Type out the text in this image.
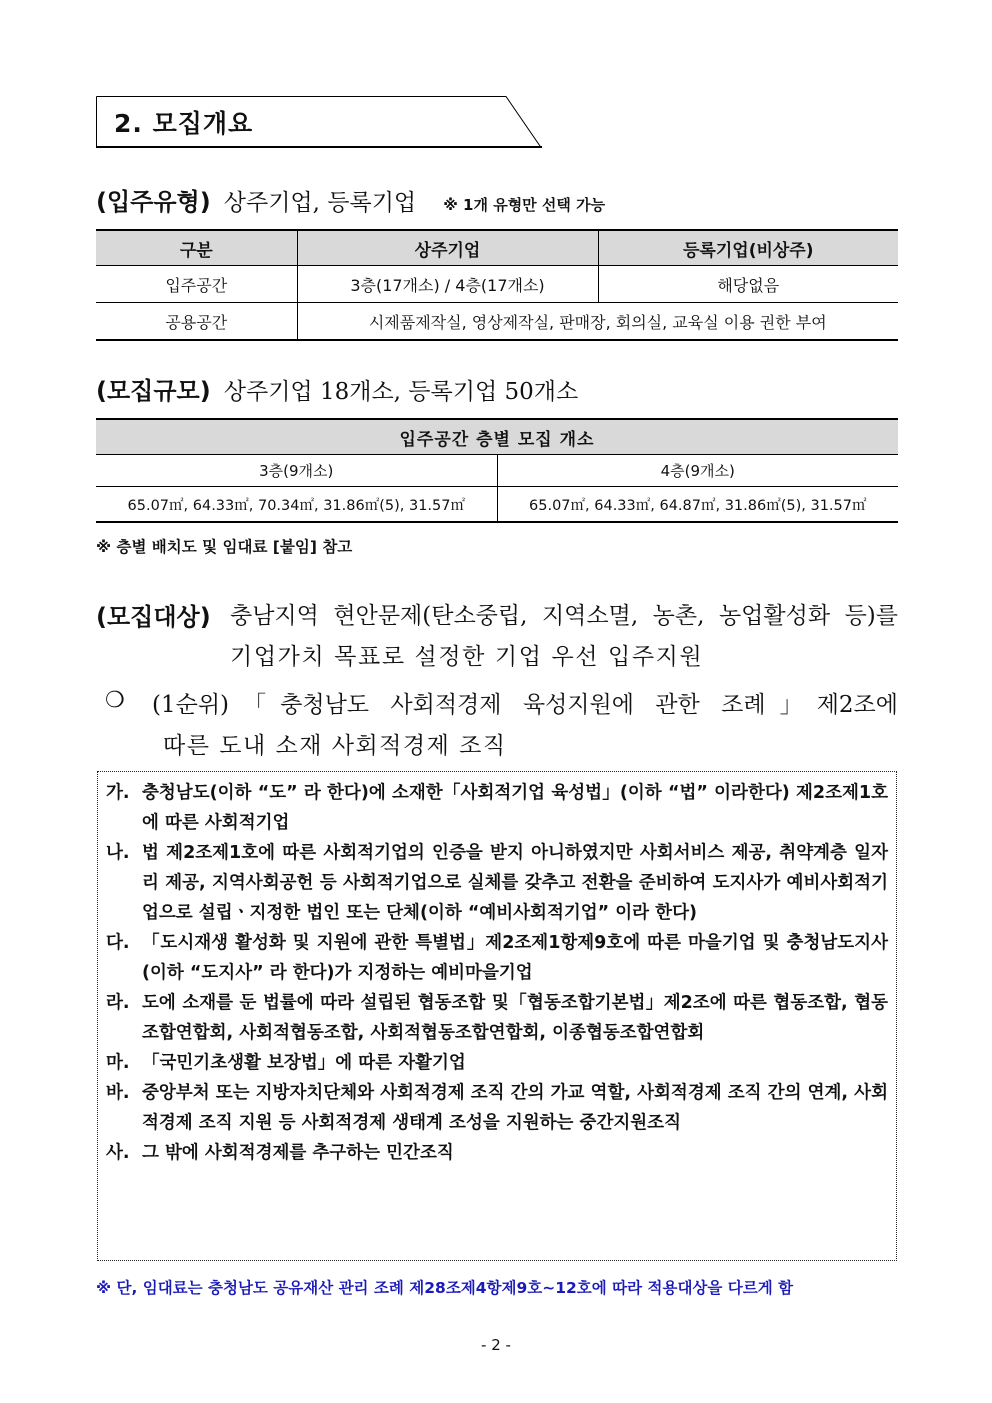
2. 모집개요
(입주유형) 상주기업, 등록기업 ※ 1개 유형만 선택 가능
구분	상주기업	등록기업(비상주)
입주공간	3층(17개소) / 4층(17개소)	해당없음
공용공간	시제품제작실, 영상제작실, 판매장, 회의실, 교육실 이용 권한 부여	
(모집규모) 상주기업 18개소, 등록기업 50개소
입주공간 층별 모집 개소	
3층(9개소)	4층(9개소)
65.07㎡, 64.33㎡, 70.34㎡, 31.86㎡(5), 31.57㎡	65.07㎡, 64.33㎡, 64.87㎡, 31.86㎡(5), 31.57㎡
※ 층별 배치도 및 임대료 [붙임] 참고
(모집대상) 충남지역 현안문제(탄소중립, 지역소멸, 농촌, 농업활성화 등)를
기업가치 목표로 설정한 기업 우선 입주지원
❍ (1순위)「충청남도 사회적경제 육성지원에 관한 조례」제2조에
따른 도내 소재 사회적경제 조직
가. 충청남도(이하 “도” 라 한다)에 소재한「사회적기업 육성법」(이하 “법” 이라한다) 제2조제1호에 따른 사회적기업
나. 법 제2조제1호에 따른 사회적기업의 인증을 받지 아니하였지만 사회서비스 제공, 취약계층 일자리 제공, 지역사회공헌 등 사회적기업으로 실체를 갖추고 전환을 준비하여 도지사가 예비사회적기업으로 설립ㆍ지정한 법인 또는 단체(이하 “예비사회적기업” 이라 한다)
다. 「도시재생 활성화 및 지원에 관한 특별법」제2조제1항제9호에 따른 마을기업 및 충청남도지사(이하 “도지사” 라 한다)가 지정하는 예비마을기업
라. 도에 소재를 둔 법률에 따라 설립된 협동조합 및「협동조합기본법」제2조에 따른 협동조합, 협동조합연합회, 사회적협동조합, 사회적협동조합연합회, 이종협동조합연합회
마. 「국민기초생활 보장법」에 따른 자활기업
바. 중앙부처 또는 지방자치단체와 사회적경제 조직 간의 가교 역할, 사회적경제 조직 간의 연계, 사회적경제 조직 지원 등 사회적경제 생태계 조성을 지원하는 중간지원조직
사. 그 밖에 사회적경제를 추구하는 민간조직
※ 단, 임대료는 충청남도 공유재산 관리 조례 제28조제4항제9호~12호에 따라 적용대상을 다르게 함
- 2 -
